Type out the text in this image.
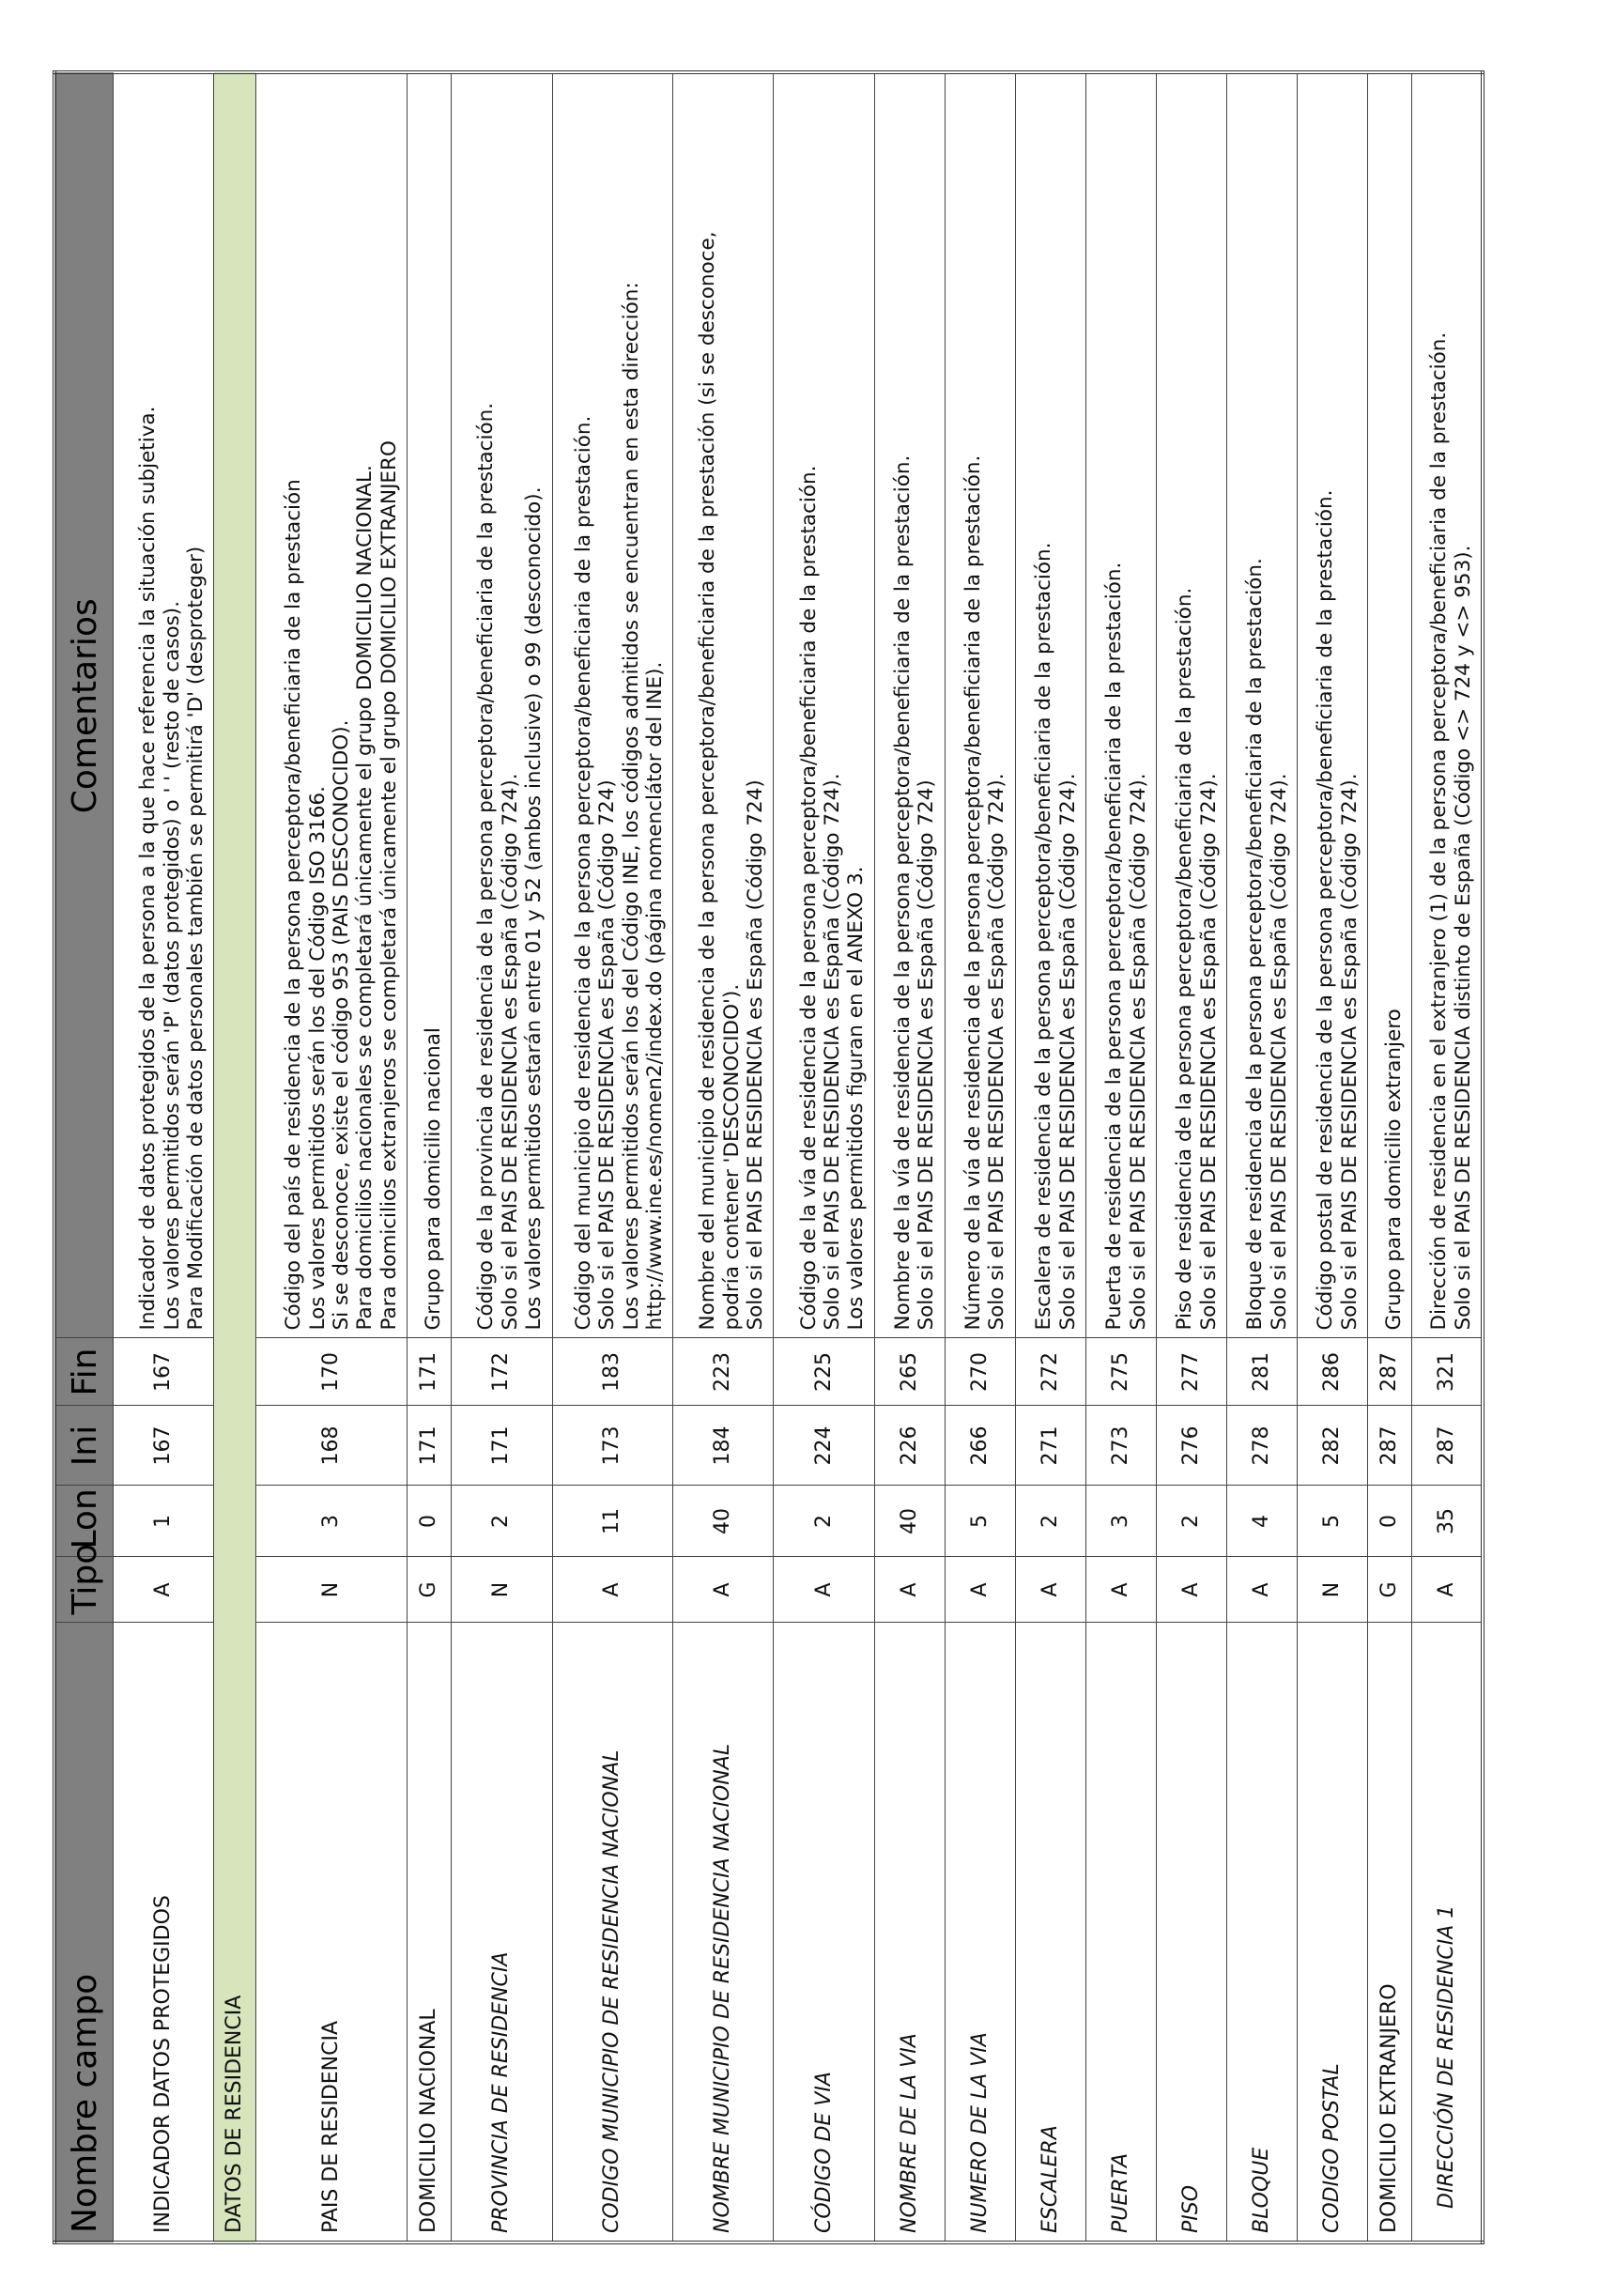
Nombre campo	Tipo	Lon	Ini	Fin	Comentarios
INDICADOR DATOS PROTEGIDOS	A	1	167	167	Indicador de datos protegidos de la persona a la que hace referencia la situación subjetiva. Los valores permitidos serán 'P' (datos protegidos) o ' ' (resto de casos). Para Modificación de datos personales también se permitirá 'D' (desproteger)

DATOS DE RESIDENCIA					
PAIS DE RESIDENCIA	N	3	168	170	Código del país de residencia de la persona perceptora/beneficiaria de la prestación Los valores permitidos serán los del Código ISO 3166. Si se desconoce, existe el código 953 (PAIS DESCONOCIDO). Para domicilios nacionales se completará únicamente el grupo DOMICILIO NACIONAL. Para domicilios extranjeros se completará únicamente el grupo DOMICILIO EXTRANJERO

DOMICILIO NACIONAL	G	0	171	171	Grupo para domicilio nacional

PROVINCIA DE RESIDENCIA	N	2	171	172	Código de la provincia de residencia de la persona perceptora/beneficiaria de la prestación. Solo si el PAIS DE RESIDENCIA es España (Código 724). Los valores permitidos estarán entre 01 y 52 (ambos inclusive) o 99 (desconocido).

CODIGO MUNICIPIO DE RESIDENCIA NACIONAL	A	11	173	183	Código del municipio de residencia de la persona perceptora/beneficiaria de la prestación. Solo si el PAIS DE RESIDENCIA es España (Código 724) Los valores permitidos serán los del Código INE, los códigos admitidos se encuentran en esta dirección: http://www.ine.es/nomen2/index.do (página nomenclátor del INE).

NOMBRE MUNICIPIO DE RESIDENCIA NACIONAL	A	40	184	223	Nombre del municipio de residencia de la persona perceptora/beneficiaria de la prestación (si se desconoce, podría contener 'DESCONOCIDO'). Solo si el PAIS DE RESIDENCIA es España (Código 724)

CÓDIGO DE VIA	A	2	224	225	Código de la vía de residencia de la persona perceptora/beneficiaria de la prestación. Solo si el PAIS DE RESIDENCIA es España (Código 724). Los valores permitidos figuran en el ANEXO 3.

NOMBRE DE LA VIA	A	40	226	265	Nombre de la vía de residencia de la persona perceptora/beneficiaria de la prestación. Solo si el PAIS DE RESIDENCIA es España (Código 724)

NUMERO DE LA VIA	A	5	266	270	Número de la vía de residencia de la persona perceptora/beneficiaria de la prestación. Solo si el PAIS DE RESIDENCIA es España (Código 724).

ESCALERA	A	2	271	272	Escalera de residencia de la persona perceptora/beneficiaria de la prestación. Solo si el PAIS DE RESIDENCIA es España (Código 724).

PUERTA	A	3	273	275	Puerta de residencia de la persona perceptora/beneficiaria de la prestación. Solo si el PAIS DE RESIDENCIA es España (Código 724).

PISO	A	2	276	277	Piso de residencia de la persona perceptora/beneficiaria de la prestación. Solo si el PAIS DE RESIDENCIA es España (Código 724).

BLOQUE	A	4	278	281	Bloque de residencia de la persona perceptora/beneficiaria de la prestación. Solo si el PAIS DE RESIDENCIA es España (Código 724).

CODIGO POSTAL	N	5	282	286	Código postal de residencia de la persona perceptora/beneficiaria de la prestación. Solo si el PAIS DE RESIDENCIA es España (Código 724).

DOMICILIO EXTRANJERO	G	0	287	287	Grupo para domicilio extranjero

DIRECCIÓN DE RESIDENCIA 1	A	35	287	321	Dirección de residencia en el extranjero (1) de la persona perceptora/beneficiaria de la prestación. Solo si el PAIS DE RESIDENCIA distinto de España (Código <> 724 y <> 953).
